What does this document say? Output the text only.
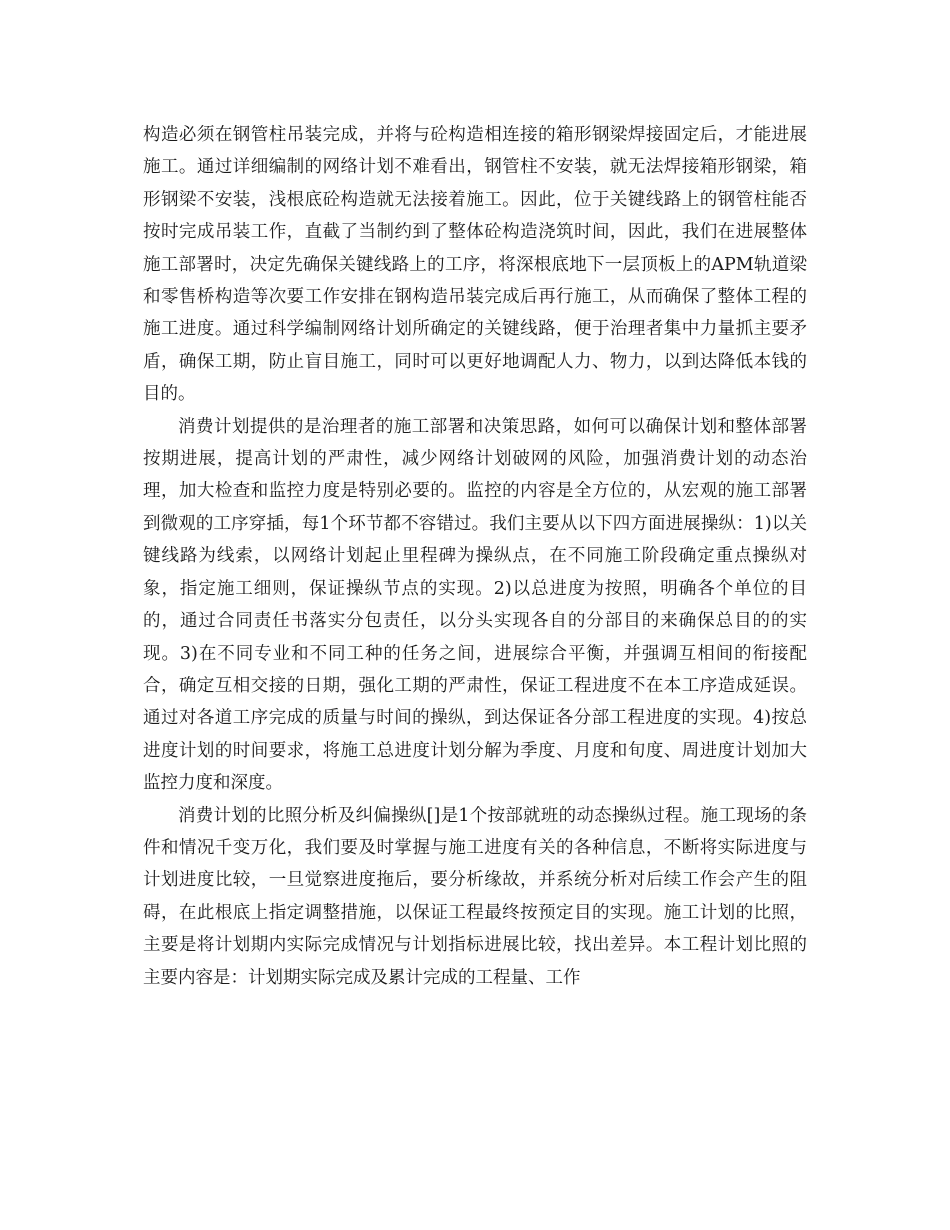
构造必须在钢管柱吊装完成，并将与砼构造相连接的箱形钢梁焊接固定后，才能进展施工。通过详细编制的网络计划不难看出，钢管柱不安装，就无法焊接箱形钢梁，箱形钢梁不安装，浅根底砼构造就无法接着施工。因此，位于关键线路上的钢管柱能否按时完成吊装工作，直截了当制约到了整体砼构造浇筑时间，因此，我们在进展整体施工部署时，决定先确保关键线路上的工序，将深根底地下一层顶板上的APM轨道梁和零售桥构造等次要工作安排在钢构造吊装完成后再行施工，从而确保了整体工程的施工进度。通过科学编制网络计划所确定的关键线路，便于治理者集中力量抓主要矛盾，确保工期，防止盲目施工，同时可以更好地调配人力、物力，以到达降低本钱的目的。

消费计划提供的是治理者的施工部署和决策思路，如何可以确保计划和整体部署按期进展，提高计划的严肃性，减少网络计划破网的风险，加强消费计划的动态治理，加大检查和监控力度是特别必要的。监控的内容是全方位的，从宏观的施工部署到微观的工序穿插，每1个环节都不容错过。我们主要从以下四方面进展操纵：1)以关键线路为线索，以网络计划起止里程碑为操纵点，在不同施工阶段确定重点操纵对象，指定施工细则，保证操纵节点的实现。2)以总进度为按照，明确各个单位的目的，通过合同责任书落实分包责任，以分头实现各自的分部目的来确保总目的的实现。3)在不同专业和不同工种的任务之间，进展综合平衡，并强调互相间的衔接配合，确定互相交接的日期，强化工期的严肃性，保证工程进度不在本工序造成延误。通过对各道工序完成的质量与时间的操纵，到达保证各分部工程进度的实现。4)按总进度计划的时间要求，将施工总进度计划分解为季度、月度和旬度、周进度计划加大监控力度和深度。

消费计划的比照分析及纠偏操纵[]是1个按部就班的动态操纵过程。施工现场的条件和情况千变万化，我们要及时掌握与施工进度有关的各种信息，不断将实际进度与计划进度比较，一旦觉察进度拖后，要分析缘故，并系统分析对后续工作会产生的阻碍，在此根底上指定调整措施，以保证工程最终按预定目的实现。施工计划的比照，主要是将计划期内实际完成情况与计划指标进展比较，找出差异。本工程计划比照的主要内容是：计划期实际完成及累计完成的工程量、工作
